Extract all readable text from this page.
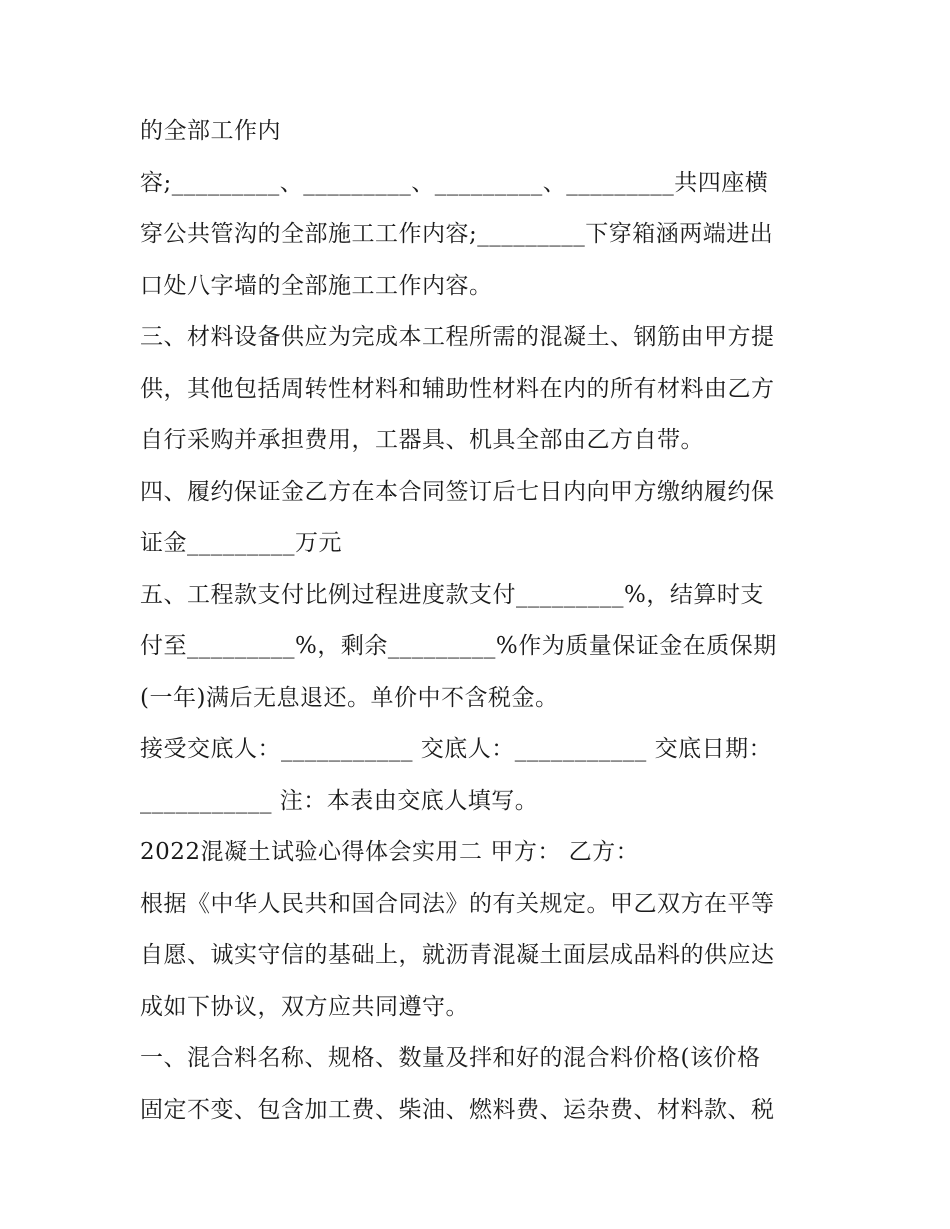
的全部工作内
容;_________、_________、_________、_________共四座横
穿公共管沟的全部施工工作内容;_________下穿箱涵两端进出
口处八字墙的全部施工工作内容。
三、材料设备供应为完成本工程所需的混凝土、钢筋由甲方提
供，其他包括周转性材料和辅助性材料在内的所有材料由乙方
自行采购并承担费用，工器具、机具全部由乙方自带。
四、履约保证金乙方在本合同签订后七日内向甲方缴纳履约保
证金_________万元
五、工程款支付比例过程进度款支付_________%，结算时支
付至_________%，剩余_________%作为质量保证金在质保期
(一年)满后无息退还。单价中不含税金。
接受交底人：___________ 交底人：___________ 交底日期：
___________ 注：本表由交底人填写。
2022混凝土试验心得体会实用二 甲方： 乙方：
根据《中华人民共和国合同法》的有关规定。甲乙双方在平等
自愿、诚实守信的基础上，就沥青混凝土面层成品料的供应达
成如下协议，双方应共同遵守。
一、混合料名称、规格、数量及拌和好的混合料价格(该价格
固定不变、包含加工费、柴油、燃料费、运杂费、材料款、税
